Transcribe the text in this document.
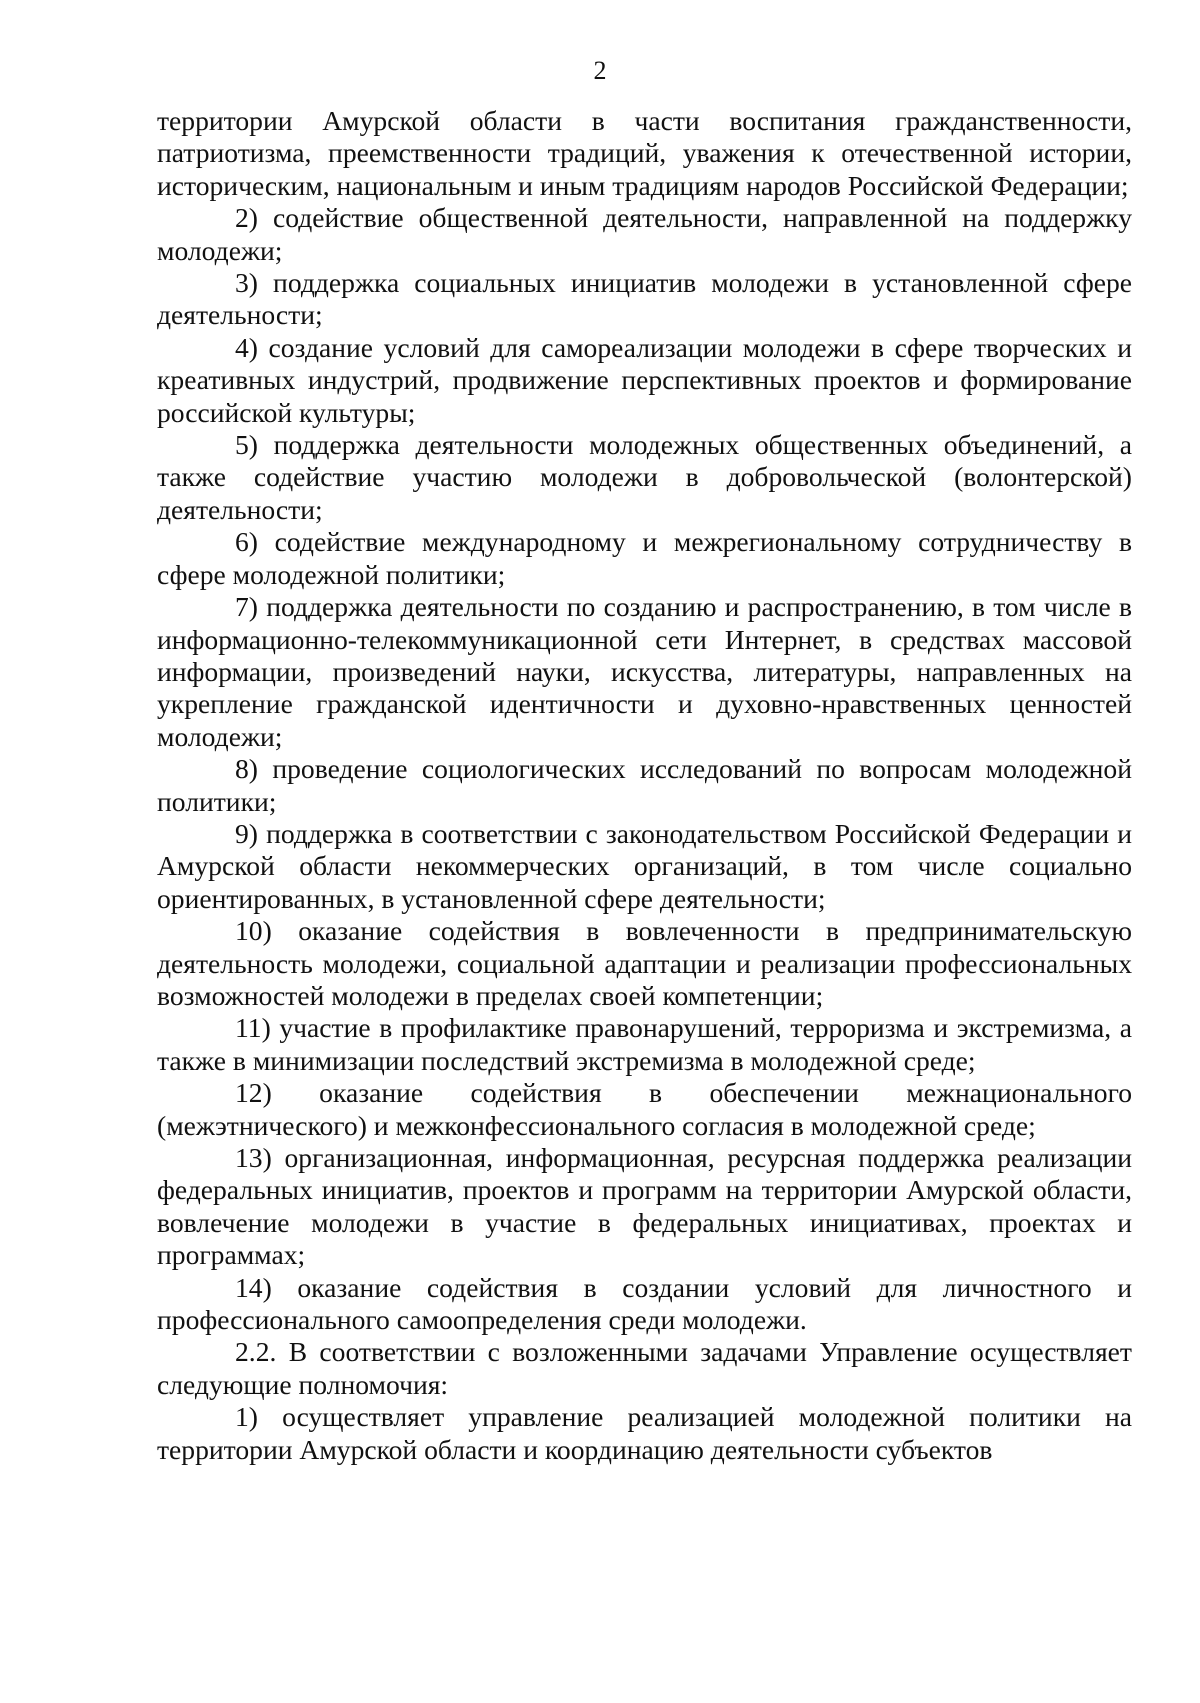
2

территории Амурской области в части воспитания гражданственности, патриотизма, преемственности традиций, уважения к отечественной истории, историческим, национальным и иным традициям народов Российской Федерации;

2) содействие общественной деятельности, направленной на поддержку молодежи;

3) поддержка социальных инициатив молодежи в установленной сфере деятельности;

4) создание условий для самореализации молодежи в сфере творческих и креативных индустрий, продвижение перспективных проектов и формирование российской культуры;

5) поддержка деятельности молодежных общественных объединений, а также содействие участию молодежи в добровольческой (волонтерской) деятельности;

6) содействие международному и межрегиональному сотрудничеству в сфере молодежной политики;

7) поддержка деятельности по созданию и распространению, в том числе в информационно-телекоммуникационной сети Интернет, в средствах массовой информации, произведений науки, искусства, литературы, направленных на укрепление гражданской идентичности и духовно-нравственных ценностей молодежи;

8) проведение социологических исследований по вопросам молодежной политики;

9) поддержка в соответствии с законодательством Российской Федерации и Амурской области некоммерческих организаций, в том числе социально ориентированных, в установленной сфере деятельности;

10) оказание содействия в вовлеченности в предпринимательскую деятельность молодежи, социальной адаптации и реализации профессиональных возможностей молодежи в пределах своей компетенции;

11) участие в профилактике правонарушений, терроризма и экстремизма, а также в минимизации последствий экстремизма в молодежной среде;

12) оказание содействия в обеспечении межнационального (межэтнического) и межконфессионального согласия в молодежной среде;

13) организационная, информационная, ресурсная поддержка реализации федеральных инициатив, проектов и программ на территории Амурской области, вовлечение молодежи в участие в федеральных инициативах, проектах и программах;

14) оказание содействия в создании условий для личностного и профессионального самоопределения среди молодежи.

2.2. В соответствии с возложенными задачами Управление осуществляет следующие полномочия:

1) осуществляет управление реализацией молодежной политики на территории Амурской области и координацию деятельности субъектов
